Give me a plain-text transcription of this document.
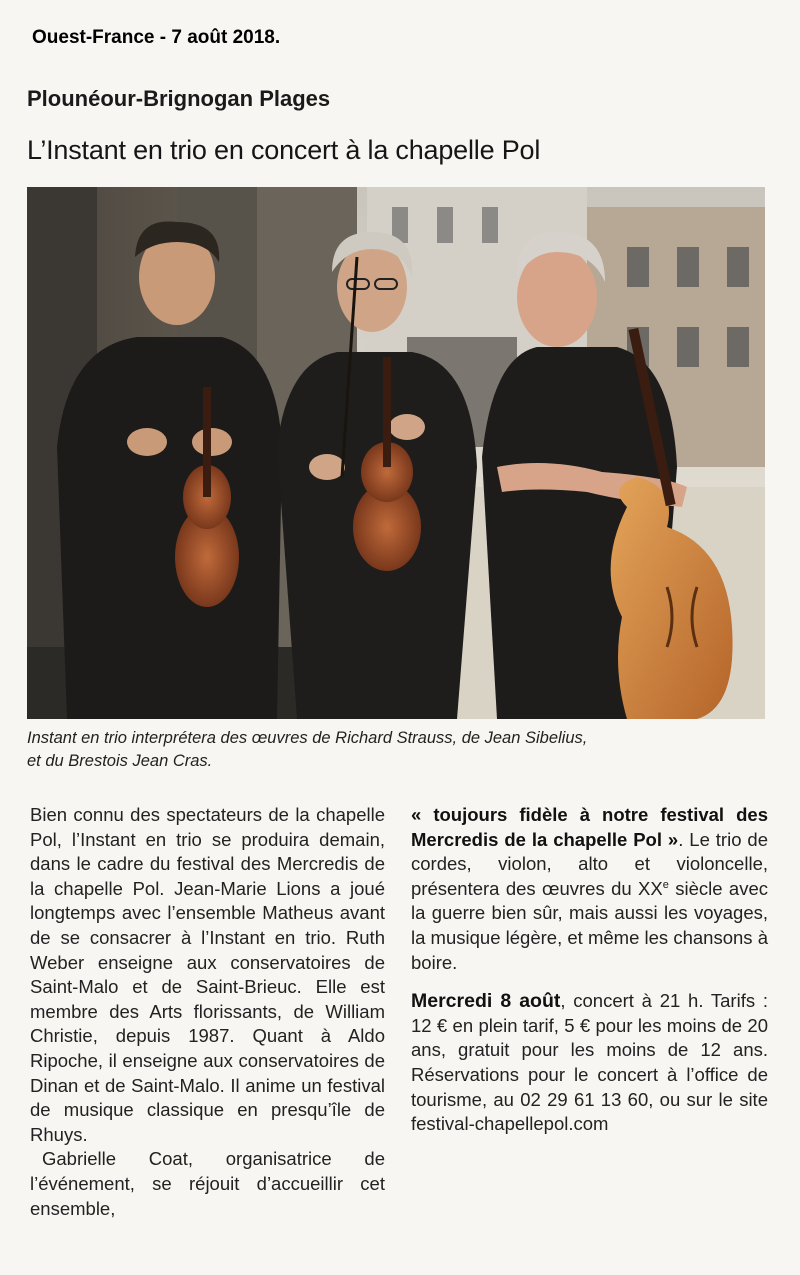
Ouest-France - 7 août 2018.
Plounéour-Brignogan Plages
L’Instant en trio en concert à la chapelle Pol

Instant en trio interprétera des œuvres de Richard Strauss, de Jean Sibelius,

et du Brestois Jean Cras.

Bien connu des spectateurs de la chapelle Pol, l’Instant en trio se produira demain, dans le cadre du festival des Mercredis de la chapelle Pol. Jean-Marie Lions a joué longtemps avec l’ensemble Matheus avant de se consacrer à l’Instant en trio. Ruth Weber enseigne aux conservatoires de Saint-Malo et de Saint-Brieuc. Elle est membre des Arts florissants, de William Christie, depuis 1987. Quant à Aldo Ripoche, il enseigne aux conservatoires de Dinan et de Saint-Malo. Il anime un festival de musique classique en presqu’île de Rhuys.

Gabrielle Coat, organisatrice de l’événement, se réjouit d’accueillir cet ensemble,

« toujours fidèle à notre festival des Mercredis de la chapelle Pol ». Le trio de cordes, violon, alto et violoncelle, présentera des œuvres du XXe siècle avec la guerre bien sûr, mais aussi les voyages, la musique légère, et même les chansons à boire.

Mercredi 8 août, concert à 21 h. Tarifs : 12 € en plein tarif, 5 € pour les moins de 20 ans, gratuit pour les moins de 12 ans. Réservations pour le concert à l’office de tourisme, au 02 29 61 13 60, ou sur le site festival-chapellepol.com
